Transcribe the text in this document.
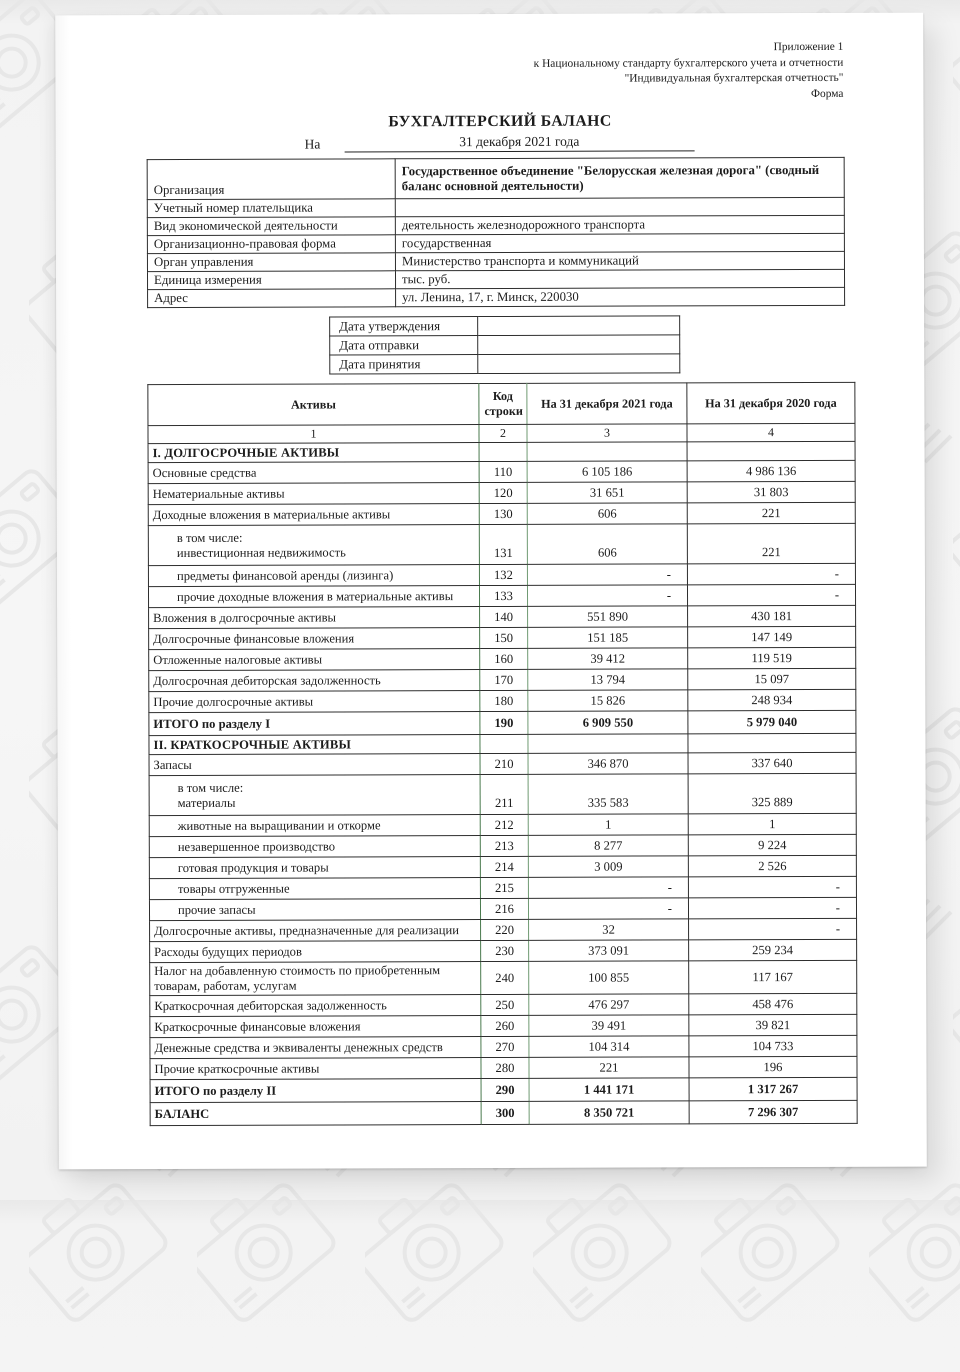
Приложение 1
к Национальному стандарту бухгалтерского учета и отчетности
"Индивидуальная бухгалтерская отчетность"
Форма
БУХГАЛТЕРСКИЙ БАЛАНС
На	31 декабря 2021 года
Организация	Государственное объединение "Белорусская железная дорога" (сводный баланс основной деятельности)
Учетный номер плательщика	
Вид экономической деятельности	деятельность железнодорожного транспорта
Организационно-правовая форма	государственная
Орган управления	Министерство транспорта и коммуникаций
Единица измерения	тыс. руб.
Адрес	ул. Ленина, 17, г. Минск, 220030
Дата утверждения	
Дата отправки	
Дата принятия	
Активы	Код строки	На 31 декабря 2021 года	На 31 декабря 2020 года
1	2	3	4
I. ДОЛГОСРОЧНЫЕ АКТИВЫ			
Основные средства	110	6 105 186	4 986 136
Нематериальные активы	120	31 651	31 803
Доходные вложения в материальные активы	130	606	221

в том числе:
инвестиционная недвижимость	131	606	221
предметы финансовой аренды (лизинга)	132	-	-
прочие доходные вложения в материальные активы	133	-	-
Вложения в долгосрочные активы	140	551 890	430 181
Долгосрочные финансовые вложения	150	151 185	147 149
Отложенные налоговые активы	160	39 412	119 519
Долгосрочная дебиторская задолженность	170	13 794	15 097
Прочие долгосрочные активы	180	15 826	248 934
ИТОГО по разделу I	190	6 909 550	5 979 040
II. КРАТКОСРОЧНЫЕ АКТИВЫ			
Запасы	210	346 870	337 640

в том числе:
материалы	211	335 583	325 889
животные на выращивании и откорме	212	1	1
незавершенное производство	213	8 277	9 224
готовая продукция и товары	214	3 009	2 526
товары отгруженные	215	-	-
прочие запасы	216	-	-
Долгосрочные активы, предназначенные для реализации	220	32	-
Расходы будущих периодов	230	373 091	259 234
Налог на добавленную стоимость по приобретенным товарам, работам, услугам	240	100 855	117 167
Краткосрочная дебиторская задолженность	250	476 297	458 476
Краткосрочные финансовые вложения	260	39 491	39 821
Денежные средства и эквиваленты денежных средств	270	104 314	104 733
Прочие краткосрочные активы	280	221	196
ИТОГО по разделу II	290	1 441 171	1 317 267
БАЛАНС	300	8 350 721	7 296 307
